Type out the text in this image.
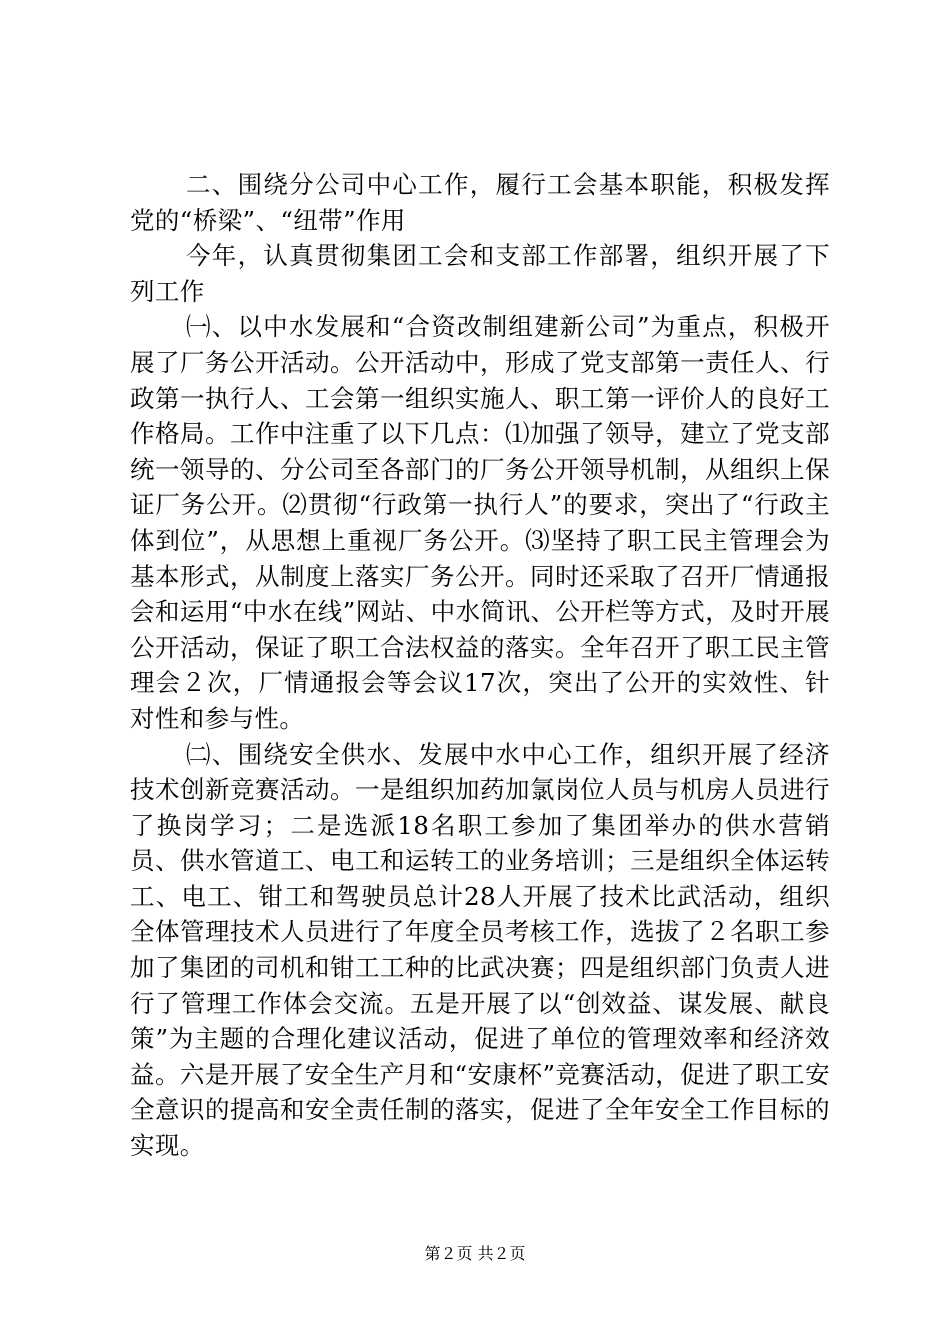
二、围绕分公司中心工作，履行工会基本职能，积极发挥党的“桥梁”、“纽带”作用

今年，认真贯彻集团工会和支部工作部署，组织开展了下列工作

㈠、以中水发展和“合资改制组建新公司”为重点，积极开展了厂务公开活动。公开活动中，形成了党支部第一责任人、行政第一执行人、工会第一组织实施人、职工第一评价人的良好工作格局。工作中注重了以下几点：⑴加强了领导，建立了党支部统一领导的、分公司至各部门的厂务公开领导机制，从组织上保证厂务公开。⑵贯彻“行政第一执行人”的要求，突出了“行政主体到位”，从思想上重视厂务公开。⑶坚持了职工民主管理会为基本形式，从制度上落实厂务公开。同时还采取了召开厂情通报会和运用“中水在线”网站、中水简讯、公开栏等方式，及时开展公开活动，保证了职工合法权益的落实。全年召开了职工民主管理会２次，厂情通报会等会议17次，突出了公开的实效性、针对性和参与性。

㈡、围绕安全供水、发展中水中心工作，组织开展了经济技术创新竞赛活动。一是组织加药加氯岗位人员与机房人员进行了换岗学习；二是选派18名职工参加了集团举办的供水营销员、供水管道工、电工和运转工的业务培训；三是组织全体运转工、电工、钳工和驾驶员总计28人开展了技术比武活动，组织全体管理技术人员进行了年度全员考核工作，选拔了２名职工参加了集团的司机和钳工工种的比武决赛；四是组织部门负责人进行了管理工作体会交流。五是开展了以“创效益、谋发展、献良策”为主题的合理化建议活动，促进了单位的管理效率和经济效益。六是开展了安全生产月和“安康杯”竞赛活动，促进了职工安全意识的提高和安全责任制的落实，促进了全年安全工作目标的实现。

第２页 共２页
